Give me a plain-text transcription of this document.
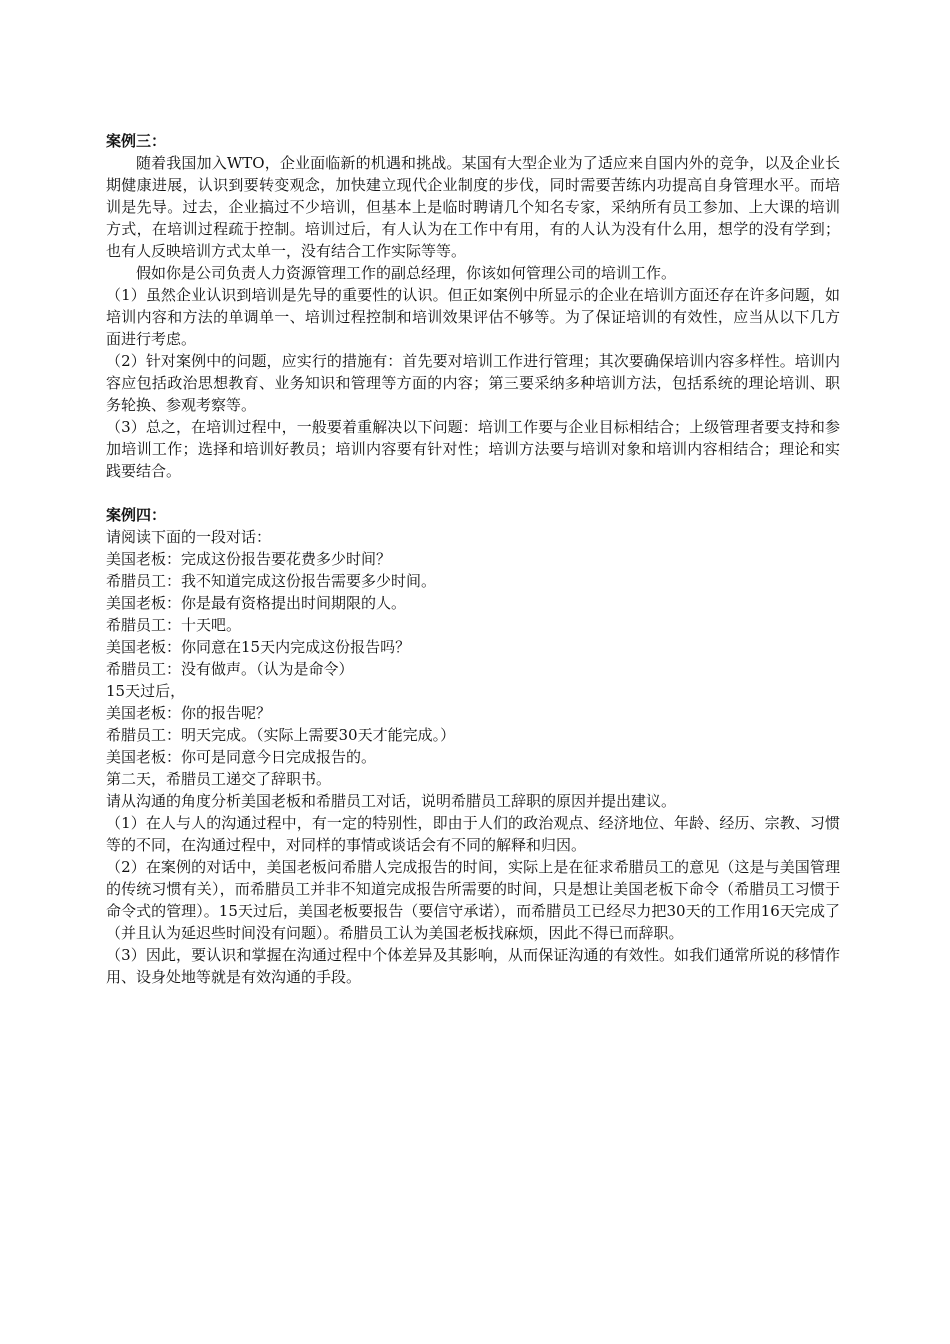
案例三：

随着我国加入WTO，企业面临新的机遇和挑战。某国有大型企业为了适应来自国内外的竞争，以及企业长期健康进展，认识到要转变观念，加快建立现代企业制度的步伐，同时需要苦练内功提高自身管理水平。而培训是先导。过去，企业搞过不少培训，但基本上是临时聘请几个知名专家，采纳所有员工参加、上大课的培训方式，在培训过程疏于控制。培训过后，有人认为在工作中有用，有的人认为没有什么用，想学的没有学到；也有人反映培训方式太单一，没有结合工作实际等等。

假如你是公司负责人力资源管理工作的副总经理，你该如何管理公司的培训工作。

（1）虽然企业认识到培训是先导的重要性的认识。但正如案例中所显示的企业在培训方面还存在许多问题，如培训内容和方法的单调单一、培训过程控制和培训效果评估不够等。为了保证培训的有效性，应当从以下几方面进行考虑。

（2）针对案例中的问题，应实行的措施有：首先要对培训工作进行管理；其次要确保培训内容多样性。培训内容应包括政治思想教育、业务知识和管理等方面的内容；第三要采纳多种培训方法，包括系统的理论培训、职务轮换、参观考察等。

（3）总之，在培训过程中，一般要着重解决以下问题：培训工作要与企业目标相结合；上级管理者要支持和参加培训工作；选择和培训好教员；培训内容要有针对性；培训方法要与培训对象和培训内容相结合；理论和实践要结合。

案例四：

请阅读下面的一段对话：

美国老板：完成这份报告要花费多少时间？

希腊员工：我不知道完成这份报告需要多少时间。

美国老板：你是最有资格提出时间期限的人。

希腊员工：十天吧。

美国老板：你同意在15天内完成这份报告吗？

希腊员工：没有做声。（认为是命令）

15天过后，

美国老板：你的报告呢？

希腊员工：明天完成。（实际上需要30天才能完成。）

美国老板：你可是同意今日完成报告的。

第二天，希腊员工递交了辞职书。

请从沟通的角度分析美国老板和希腊员工对话，说明希腊员工辞职的原因并提出建议。

（1）在人与人的沟通过程中，有一定的特别性，即由于人们的政治观点、经济地位、年龄、经历、宗教、习惯等的不同，在沟通过程中，对同样的事情或谈话会有不同的解释和归因。

（2）在案例的对话中，美国老板问希腊人完成报告的时间，实际上是在征求希腊员工的意见（这是与美国管理的传统习惯有关），而希腊员工并非不知道完成报告所需要的时间，只是想让美国老板下命令（希腊员工习惯于命令式的管理）。15天过后，美国老板要报告（要信守承诺），而希腊员工已经尽力把30天的工作用16天完成了（并且认为延迟些时间没有问题）。希腊员工认为美国老板找麻烦，因此不得已而辞职。

（3）因此，要认识和掌握在沟通过程中个体差异及其影响，从而保证沟通的有效性。如我们通常所说的移情作用、设身处地等就是有效沟通的手段。
